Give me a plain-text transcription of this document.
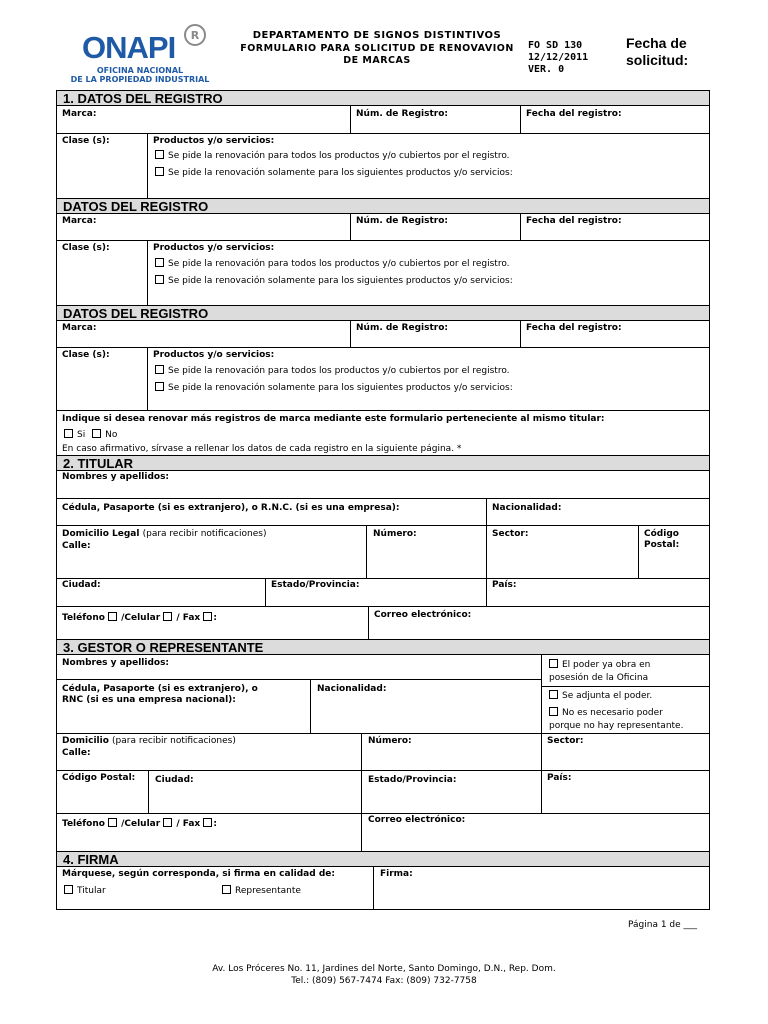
ONAPI	R
OFICINA NACIONAL
DE LA PROPIEDAD INDUSTRIAL
DEPARTAMENTO DE SIGNOS DISTINTIVOS
FORMULARIO PARA SOLICITUD DE RENOVAVION
DE MARCAS
FO SD 130
12/12/2011
VER. 0
Fecha de
solicitud:
1. DATOS DEL REGISTRO
Marca:	Núm. de Registro:	Fecha del registro:
Clase (s):	Productos y/o servicios:
Se pide la renovación para todos los productos y/o cubiertos por el registro.
Se pide la renovación solamente para los siguientes productos y/o servicios:
DATOS DEL REGISTRO
Marca:	Núm. de Registro:	Fecha del registro:
Clase (s):	Productos y/o servicios:
Se pide la renovación para todos los productos y/o cubiertos por el registro.
Se pide la renovación solamente para los siguientes productos y/o servicios:
DATOS DEL REGISTRO
Marca:	Núm. de Registro:	Fecha del registro:
Clase (s):	Productos y/o servicios:
Se pide la renovación para todos los productos y/o cubiertos por el registro.
Se pide la renovación solamente para los siguientes productos y/o servicios:
Indique si desea renovar más registros de marca mediante este formulario perteneciente al mismo titular:
Si No
En caso afirmativo, sírvase a rellenar los datos de cada registro en la siguiente página. *
2. TITULAR
Nombres y apellidos:
Cédula, Pasaporte (si es extranjero), o R.N.C. (si es una empresa):	Nacionalidad:
Domicilio Legal (para recibir notificaciones)
Calle:
Número:	Sector:	Código
Postal:
Ciudad:	Estado/Provincia:	País:
Teléfono /Celular / Fax :	Correo electrónico:
3. GESTOR O REPRESENTANTE
Nombres y apellidos:
Cédula, Pasaporte (si es extranjero), o
RNC (si es una empresa nacional):
Nacionalidad:
El poder ya obra en
posesión de la Oficina
Se adjunta el poder.
No es necesario poder
porque no hay representante.
Domicilio (para recibir notificaciones)
Calle:
Número:	Sector:
Código Postal: Ciudad:	Estado/Provincia:	País:
Teléfono /Celular / Fax :	Correo electrónico:
4. FIRMA
Márquese, según corresponda, si firma en calidad de:
Titular	Representante
Firma:
Página 1 de ___
Av. Los Próceres No. 11, Jardines del Norte, Santo Domingo, D.N., Rep. Dom.
Tel.: (809) 567-7474 Fax: (809) 732-7758
